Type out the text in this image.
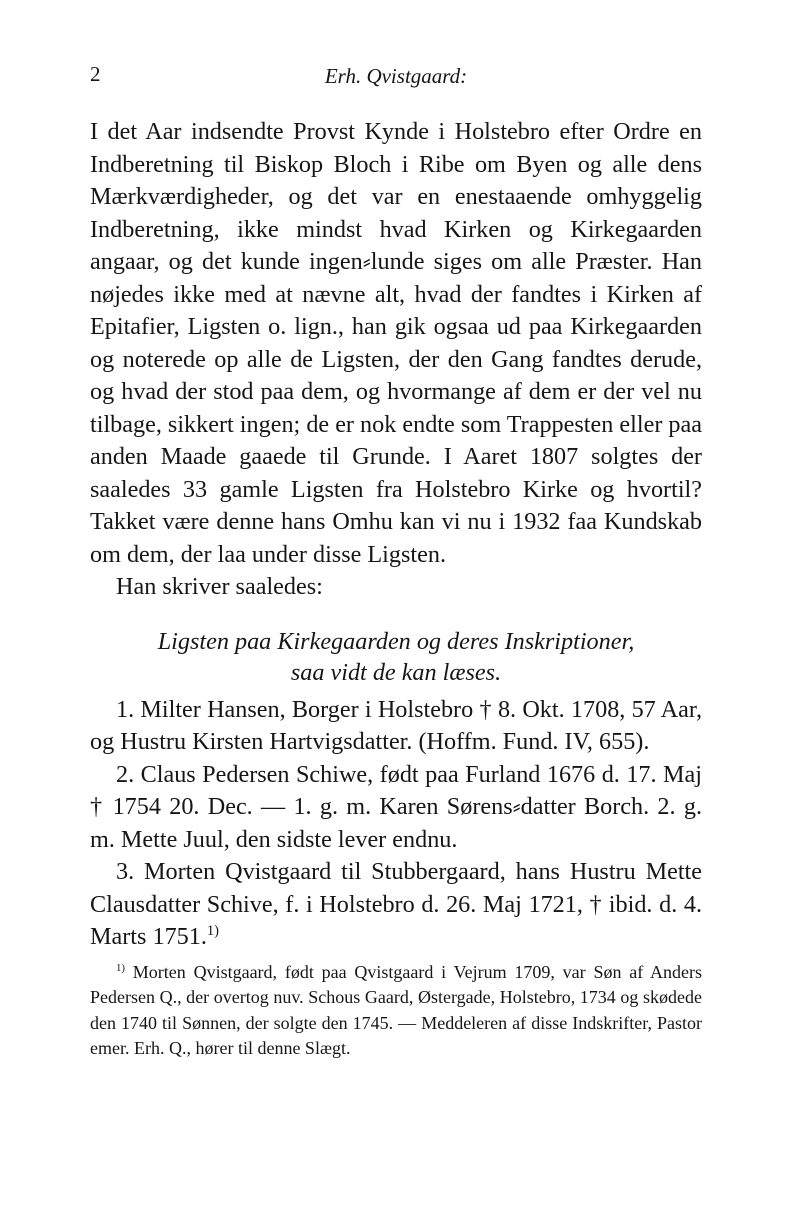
2	Erh. Qvistgaard:

I det Aar indsendte Provst Kynde i Holstebro efter Ordre en Indberetning til Biskop Bloch i Ribe om Byen og alle dens Mærkværdigheder, og det var en enestaaende omhyggelig Indberetning, ikke mindst hvad Kirken og Kirkegaarden angaar, og det kunde ingen⸗lunde siges om alle Præster. Han nøjedes ikke med at nævne alt, hvad der fandtes i Kirken af Epitafier, Ligsten o. lign., han gik ogsaa ud paa Kirkegaarden og noterede op alle de Ligsten, der den Gang fandtes derude, og hvad der stod paa dem, og hvormange af dem er der vel nu tilbage, sikkert ingen; de er nok endte som Trappesten eller paa anden Maade gaaede til Grunde. I Aaret 1807 solgtes der saaledes 33 gamle Ligsten fra Holstebro Kirke og hvortil? Takket være denne hans Omhu kan vi nu i 1932 faa Kundskab om dem, der laa under disse Ligsten.

Han skriver saaledes:

Ligsten paa Kirkegaarden og deres Inskriptioner,
saa vidt de kan læses.

1. Milter Hansen, Borger i Holstebro † 8. Okt. 1708, 57 Aar, og Hustru Kirsten Hartvigsdatter. (Hoffm. Fund. IV, 655).

2. Claus Pedersen Schiwe, født paa Furland 1676 d. 17. Maj † 1754 20. Dec. — 1. g. m. Karen Sørens⸗datter Borch. 2. g. m. Mette Juul, den sidste lever endnu.

3. Morten Qvistgaard til Stubbergaard, hans Hustru Mette Clausdatter Schive, f. i Holstebro d. 26. Maj 1721, † ibid. d. 4. Marts 1751.$^{1)}$

$^{1)}$ Morten Qvistgaard, født paa Qvistgaard i Vejrum 1709, var Søn af Anders Pedersen Q., der overtog nuv. Schous Gaard, Østergade, Holstebro, 1734 og skødede den 1740 til Sønnen, der solgte den 1745. — Meddeleren af disse Indskrifter, Pastor emer. Erh. Q., hører til denne Slægt.
